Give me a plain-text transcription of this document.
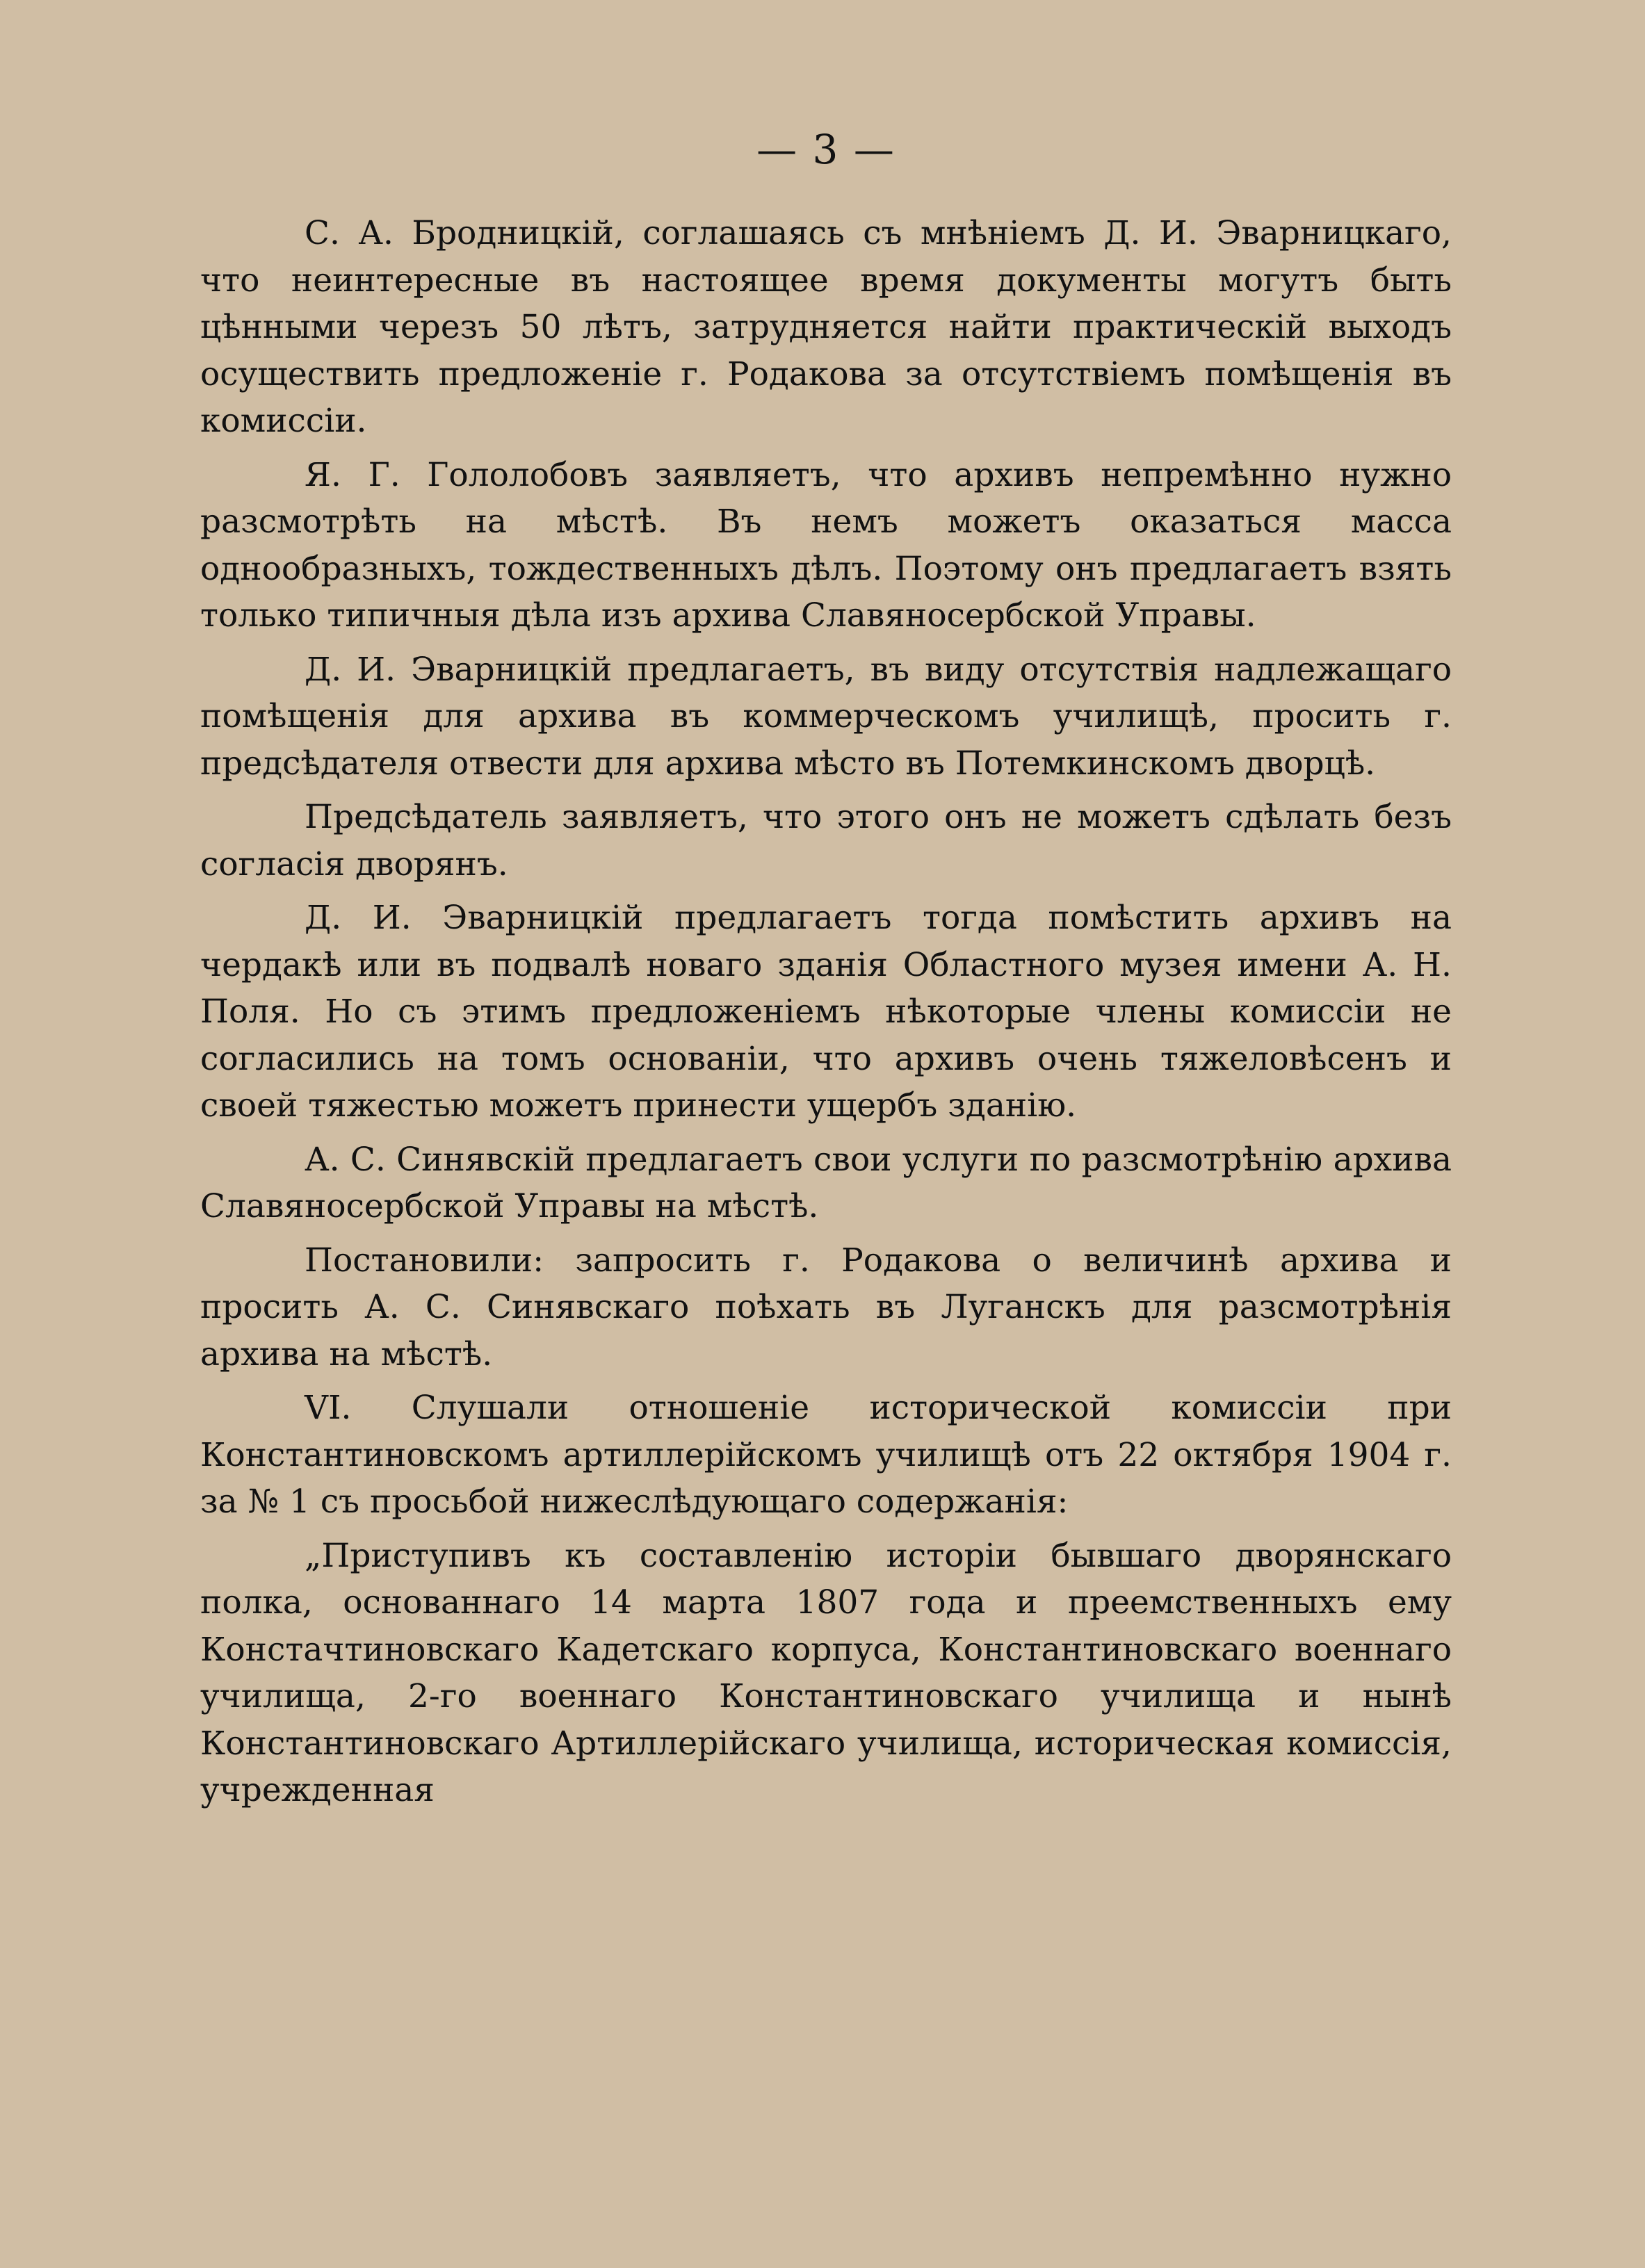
— 3 —

С. А. Бродницкій, соглашаясь съ мнѣніемъ Д. И. Эварницкаго, что неинтересные въ настоящее время документы могутъ быть цѣнными черезъ 50 лѣтъ, затрудняется найти практическій выходъ осуществить предложеніе г. Родакова за отсутствіемъ помѣщенія въ комиссіи.

Я. Г. Гололобовъ заявляетъ, что архивъ непремѣнно нужно разсмотрѣть на мѣстѣ. Въ немъ можетъ оказаться масса однообразныхъ, тождественныхъ дѣлъ. Поэтому онъ предлагаетъ взять только типичныя дѣла изъ архива Славяносербской Управы.

Д. И. Эварницкій предлагаетъ, въ виду отсутствія надлежащаго помѣщенія для архива въ коммерческомъ училищѣ, просить г. предсѣдателя отвести для архива мѣсто въ Потемкинскомъ дворцѣ.

Предсѣдатель заявляетъ, что этого онъ не можетъ сдѣлать безъ согласія дворянъ.

Д. И. Эварницкій предлагаетъ тогда помѣстить архивъ на чердакѣ или въ подвалѣ новаго зданія Областного музея имени А. Н. Поля. Но съ этимъ предложеніемъ нѣкоторые члены комиссіи не согласились на томъ основаніи, что архивъ очень тяжеловѣсенъ и своей тяжестью можетъ принести ущербъ зданію.

А. С. Синявскій предлагаетъ свои услуги по разсмотрѣнію архива Славяносербской Управы на мѣстѣ.

Постановили: запросить г. Родакова о величинѣ архива и просить А. С. Синявскаго поѣхать въ Луганскъ для разсмотрѣнія архива на мѣстѣ.

VI. Слушали отношеніе исторической комиссіи при Константиновскомъ артиллерійскомъ училищѣ отъ 22 октября 1904 г. за № 1 съ просьбой нижеслѣдующаго содержанія:

„Приступивъ къ составленію исторіи бывшаго дворянскаго полка, основаннаго 14 марта 1807 года и преемственныхъ ему Констачтиновскаго Кадетскаго корпуса, Константиновскаго военнаго училища, 2-го военнаго Константиновскаго училища и нынѣ Константиновскаго Артиллерійскаго училища, историческая комиссія, учрежденная
